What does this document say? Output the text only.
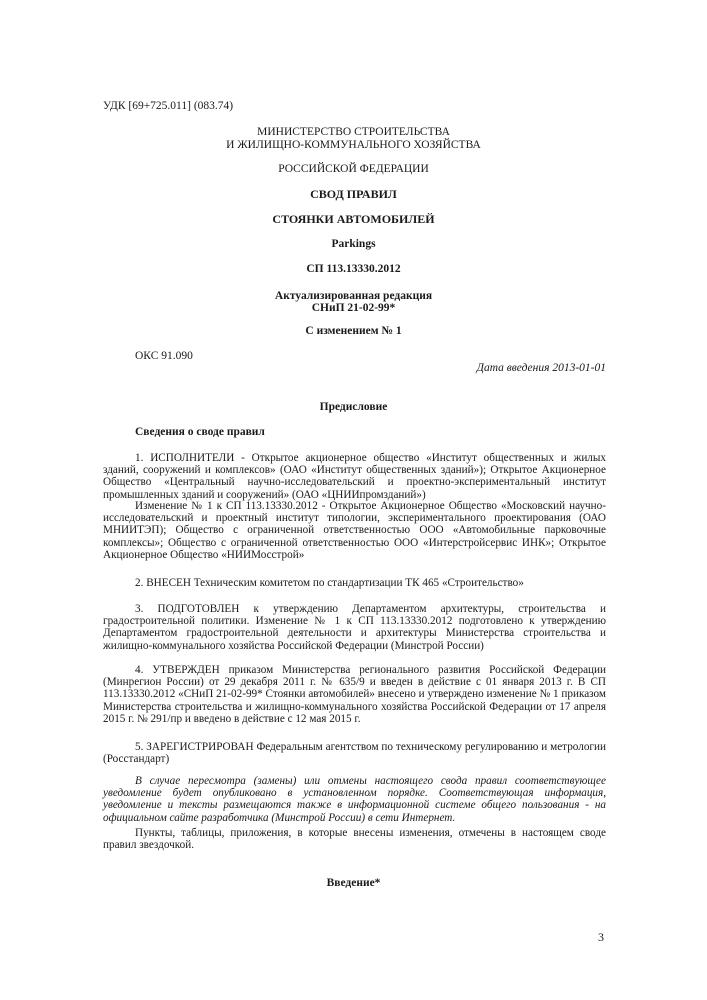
УДК [69+725.011] (083.74)
МИНИСТЕРСТВО СТРОИТЕЛЬСТВА
И ЖИЛИЩНО-КОММУНАЛЬНОГО ХОЗЯЙСТВА
РОССИЙСКОЙ ФЕДЕРАЦИИ
СВОД ПРАВИЛ
СТОЯНКИ АВТОМОБИЛЕЙ
Parkings
СП 113.13330.2012
Актуализированная редакция
СНиП 21-02-99*
С изменением № 1
ОКС 91.090
Дата введения 2013-01-01
Предисловие
Сведения о своде правил

1. ИСПОЛНИТЕЛИ - Открытое акционерное общество «Институт общественных и жилых зданий, сооружений и комплексов» (ОАО «Институт общественных зданий»); Открытое Акционерное Общество «Центральный научно-исследовательский и проектно-экспериментальный институт промышленных зданий и сооружений» (ОАО «ЦНИИпромзданий»)

Изменение № 1 к СП 113.13330.2012 - Открытое Акционерное Общество «Московский научно-исследовательский и проектный институт типологии, экспериментального проектирования (ОАО МНИИТЭП); Общество с ограниченной ответственностью ООО «Автомобильные парковочные комплексы»; Общество с ограниченной ответственностью ООО «Интерстройсервис ИНК»; Открытое Акционерное Общество «НИИМосстрой»

2. ВНЕСЕН Техническим комитетом по стандартизации ТК 465 «Строительство»

3. ПОДГОТОВЛЕН к утверждению Департаментом архитектуры, строительства и градостроительной политики. Изменение № 1 к СП 113.13330.2012 подготовлено к утверждению Департаментом градостроительной деятельности и архитектуры Министерства строительства и жилищно-коммунального хозяйства Российской Федерации (Минстрой России)

4. УТВЕРЖДЕН приказом Министерства регионального развития Российской Федерации (Минрегион России) от 29 декабря 2011 г. № 635/9 и введен в действие с 01 января 2013 г. В СП 113.13330.2012 «СНиП 21-02-99* Стоянки автомобилей» внесено и утверждено изменение № 1 приказом Министерства строительства и жилищно-коммунального хозяйства Российской Федерации от 17 апреля 2015 г. № 291/пр и введено в действие с 12 мая 2015 г.

5. ЗАРЕГИСТРИРОВАН Федеральным агентством по техническому регулированию и метрологии (Росстандарт)

В случае пересмотра (замены) или отмены настоящего свода правил соответствующее уведомление будет опубликовано в установленном порядке. Соответствующая информация, уведомление и тексты размещаются также в информационной системе общего пользования - на официальном сайте разработчика (Минстрой России) в сети Интернет.

Пункты, таблицы, приложения, в которые внесены изменения, отмечены в настоящем своде правил звездочкой.

Введение*
3
